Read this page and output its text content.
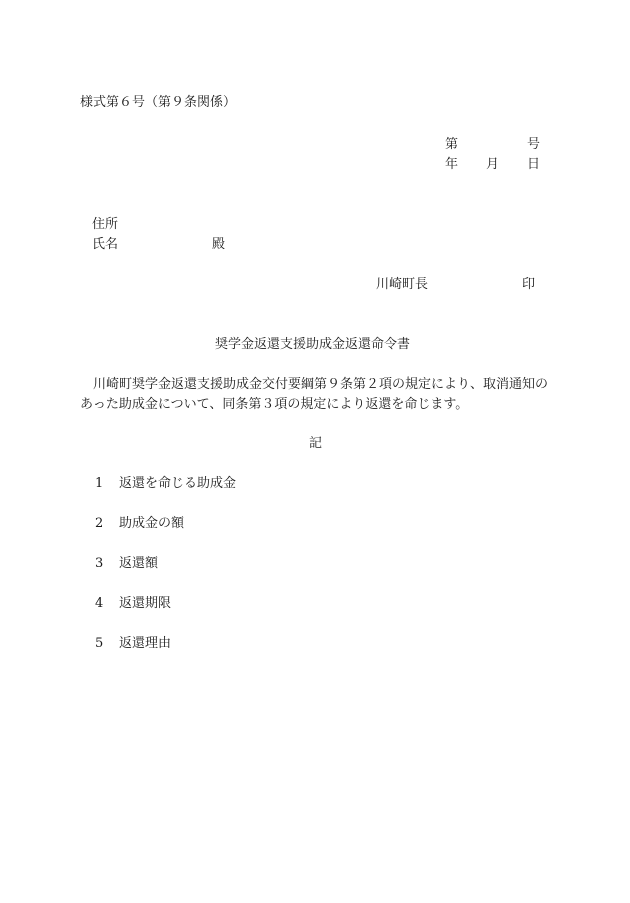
様式第６号（第９条関係）
第	号
年 月 日
住所
氏名	殿
川崎町長	印
奨学金返還支援助成金返還命令書
川崎町奨学金返還支援助成金交付要綱第９条第２項の規定により、取消通知のあった助成金について、同条第３項の規定により返還を命じます。
記
1 返還を命じる助成金
2 助成金の額
3 返還額
4 返還期限
5 返還理由
